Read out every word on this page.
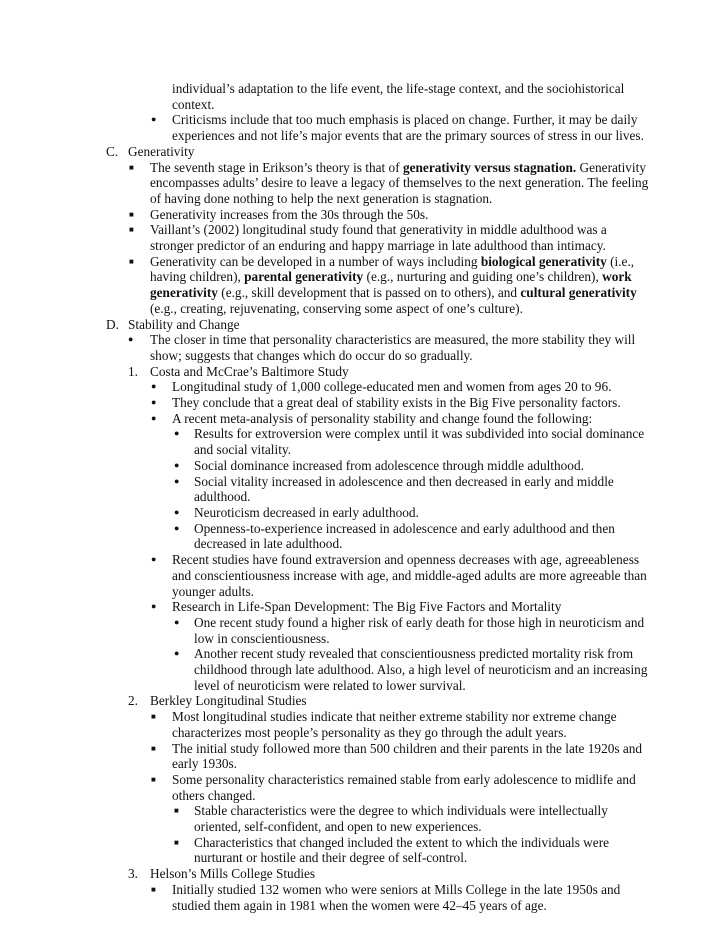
individual’s adaptation to the life event, the life-stage context, and the sociohistorical context.
● Criticisms include that too much emphasis is placed on change. Further, it may be daily experiences and not life’s major events that are the primary sources of stress in our lives.
C. Generativity
■ The seventh stage in Erikson’s theory is that of generativity versus stagnation. Generativity encompasses adults’ desire to leave a legacy of themselves to the next generation. The feeling of having done nothing to help the next generation is stagnation.
■ Generativity increases from the 30s through the 50s.
■ Vaillant’s (2002) longitudinal study found that generativity in middle adulthood was a stronger predictor of an enduring and happy marriage in late adulthood than intimacy.
■ Generativity can be developed in a number of ways including biological generativity (i.e., having children), parental generativity (e.g., nurturing and guiding one’s children), work generativity (e.g., skill development that is passed on to others), and cultural generativity (e.g., creating, rejuvenating, conserving some aspect of one’s culture).
D. Stability and Change
● The closer in time that personality characteristics are measured, the more stability they will show; suggests that changes which do occur do so gradually.
1. Costa and McCrae’s Baltimore Study
● Longitudinal study of 1,000 college-educated men and women from ages 20 to 96.
● They conclude that a great deal of stability exists in the Big Five personality factors.
● A recent meta-analysis of personality stability and change found the following:
● Results for extroversion were complex until it was subdivided into social dominance and social vitality.
● Social dominance increased from adolescence through middle adulthood.
● Social vitality increased in adolescence and then decreased in early and middle adulthood.
● Neuroticism decreased in early adulthood.
● Openness-to-experience increased in adolescence and early adulthood and then decreased in late adulthood.
● Recent studies have found extraversion and openness decreases with age, agreeableness and conscientiousness increase with age, and middle-aged adults are more agreeable than younger adults.
● Research in Life-Span Development: The Big Five Factors and Mortality
● One recent study found a higher risk of early death for those high in neuroticism and low in conscientiousness.
● Another recent study revealed that conscientiousness predicted mortality risk from childhood through late adulthood. Also, a high level of neuroticism and an increasing level of neuroticism were related to lower survival.
2. Berkley Longitudinal Studies
■ Most longitudinal studies indicate that neither extreme stability nor extreme change characterizes most people’s personality as they go through the adult years.
■ The initial study followed more than 500 children and their parents in the late 1920s and early 1930s.
■ Some personality characteristics remained stable from early adolescence to midlife and others changed.
■ Stable characteristics were the degree to which individuals were intellectually oriented, self-confident, and open to new experiences.
■ Characteristics that changed included the extent to which the individuals were nurturant or hostile and their degree of self-control.
3. Helson’s Mills College Studies
■ Initially studied 132 women who were seniors at Mills College in the late 1950s and studied them again in 1981 when the women were 42–45 years of age.
